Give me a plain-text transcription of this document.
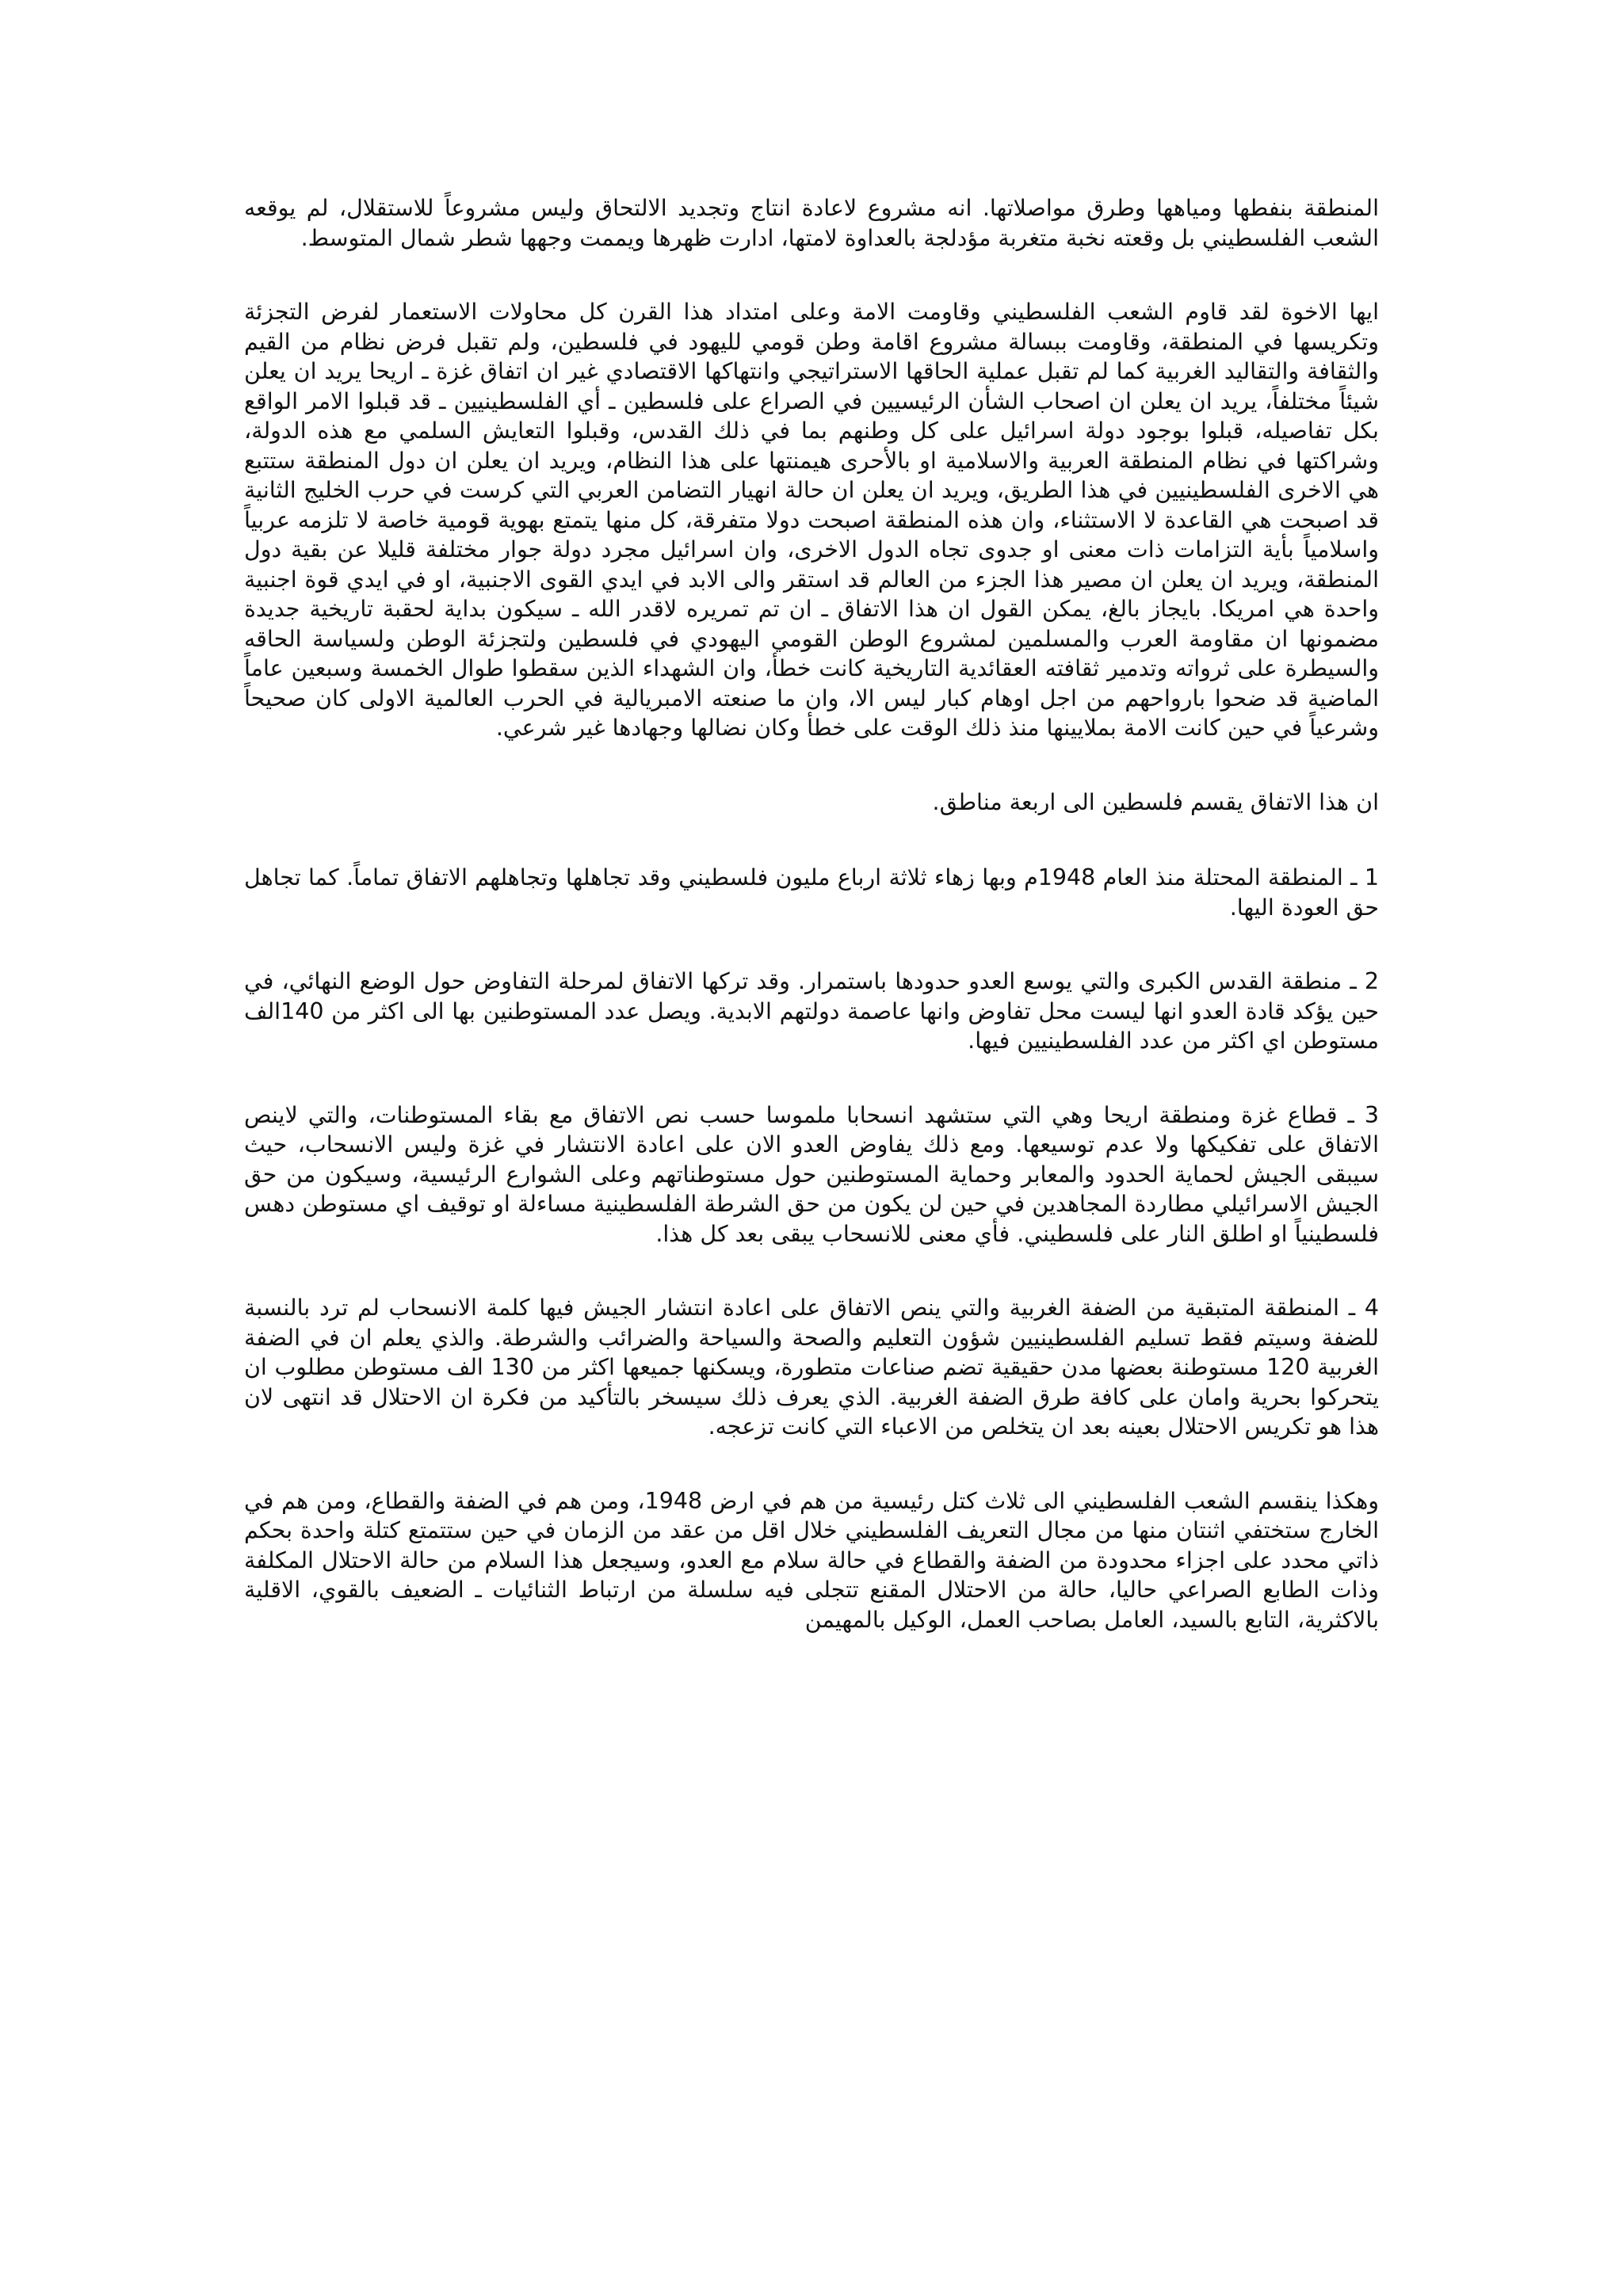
المنطقة بنفطها ومياهها وطرق مواصلاتها. انه مشروع لاعادة انتاج وتجديد الالتحاق وليس مشروعاً للاستقلال، لم يوقعه الشعب الفلسطيني بل وقعته نخبة متغربة مؤدلجة بالعداوة لامتها، ادارت ظهرها ويممت وجهها شطر شمال المتوسط.

ايها الاخوة لقد قاوم الشعب الفلسطيني وقاومت الامة وعلى امتداد هذا القرن كل محاولات الاستعمار لفرض التجزئة وتكريسها في المنطقة، وقاومت ببسالة مشروع اقامة وطن قومي لليهود في فلسطين، ولم تقبل فرض نظام من القيم والثقافة والتقاليد الغربية كما لم تقبل عملية الحاقها الاستراتيجي وانتهاكها الاقتصادي غير ان اتفاق غزة ـ اريحا يريد ان يعلن شيئاً مختلفاً، يريد ان يعلن ان اصحاب الشأن الرئيسيين في الصراع على فلسطين ـ أي الفلسطينيين ـ قد قبلوا الامر الواقع بكل تفاصيله، قبلوا بوجود دولة اسرائيل على كل وطنهم بما في ذلك القدس، وقبلوا التعايش السلمي مع هذه الدولة، وشراكتها في نظام المنطقة العربية والاسلامية او بالأحرى هيمنتها على هذا النظام، ويريد ان يعلن ان دول المنطقة ستتبع هي الاخرى الفلسطينيين في هذا الطريق، ويريد ان يعلن ان حالة انهيار التضامن العربي التي كرست في حرب الخليج الثانية قد اصبحت هي القاعدة لا الاستثناء، وان هذه المنطقة اصبحت دولا متفرقة، كل منها يتمتع بهوية قومية خاصة لا تلزمه عربياً واسلامياً بأية التزامات ذات معنى او جدوى تجاه الدول الاخرى، وان اسرائيل مجرد دولة جوار مختلفة قليلا عن بقية دول المنطقة، ويريد ان يعلن ان مصير هذا الجزء من العالم قد استقر والى الابد في ايدي القوى الاجنبية، او في ايدي قوة اجنبية واحدة هي امريكا. بايجاز بالغ، يمكن القول ان هذا الاتفاق ـ ان تم تمريره لاقدر الله ـ سيكون بداية لحقبة تاريخية جديدة مضمونها ان مقاومة العرب والمسلمين لمشروع الوطن القومي اليهودي في فلسطين ولتجزئة الوطن ولسياسة الحاقه والسيطرة على ثرواته وتدمير ثقافته العقائدية التاريخية كانت خطأ، وان الشهداء الذين سقطوا طوال الخمسة وسبعين عاماً الماضية قد ضحوا بارواحهم من اجل اوهام كبار ليس الا، وان ما صنعته الامبريالية في الحرب العالمية الاولى كان صحيحاً وشرعياً في حين كانت الامة بملايينها منذ ذلك الوقت على خطأ وكان نضالها وجهادها غير شرعي.

ان هذا الاتفاق يقسم فلسطين الى اربعة مناطق.

1 ـ المنطقة المحتلة منذ العام 1948م وبها زهاء ثلاثة ارباع مليون فلسطيني وقد تجاهلها وتجاهلهم الاتفاق تماماً. كما تجاهل حق العودة اليها.

2 ـ منطقة القدس الكبرى والتي يوسع العدو حدودها باستمرار. وقد تركها الاتفاق لمرحلة التفاوض حول الوضع النهائي، في حين يؤكد قادة العدو انها ليست محل تفاوض وانها عاصمة دولتهم الابدية. ويصل عدد المستوطنين بها الى اكثر من 140الف مستوطن اي اكثر من عدد الفلسطينيين فيها.

3 ـ قطاع غزة ومنطقة اريحا وهي التي ستشهد انسحابا ملموسا حسب نص الاتفاق مع بقاء المستوطنات، والتي لاينص الاتفاق على تفكيكها ولا عدم توسيعها. ومع ذلك يفاوض العدو الان على اعادة الانتشار في غزة وليس الانسحاب، حيث سيبقى الجيش لحماية الحدود والمعابر وحماية المستوطنين حول مستوطناتهم وعلى الشوارع الرئيسية، وسيكون من حق الجيش الاسرائيلي مطاردة المجاهدين في حين لن يكون من حق الشرطة الفلسطينية مساءلة او توقيف اي مستوطن دهس فلسطينياً او اطلق النار على فلسطيني. فأي معنى للانسحاب يبقى بعد كل هذا.

4 ـ المنطقة المتبقية من الضفة الغربية والتي ينص الاتفاق على اعادة انتشار الجيش فيها كلمة الانسحاب لم ترد بالنسبة للضفة وسيتم فقط تسليم الفلسطينيين شؤون التعليم والصحة والسياحة والضرائب والشرطة. والذي يعلم ان في الضفة الغربية 120 مستوطنة بعضها مدن حقيقية تضم صناعات متطورة، ويسكنها جميعها اكثر من 130 الف مستوطن مطلوب ان يتحركوا بحرية وامان على كافة طرق الضفة الغربية. الذي يعرف ذلك سيسخر بالتأكيد من فكرة ان الاحتلال قد انتهى لان هذا هو تكريس الاحتلال بعينه بعد ان يتخلص من الاعباء التي كانت تزعجه.

وهكذا ينقسم الشعب الفلسطيني الى ثلاث كتل رئيسية من هم في ارض 1948، ومن هم في الضفة والقطاع، ومن هم في الخارج ستختفي اثنتان منها من مجال التعريف الفلسطيني خلال اقل من عقد من الزمان في حين ستتمتع كتلة واحدة بحكم ذاتي محدد على اجزاء محدودة من الضفة والقطاع في حالة سلام مع العدو، وسيجعل هذا السلام من حالة الاحتلال المكلفة وذات الطابع الصراعي حاليا، حالة من الاحتلال المقنع تتجلى فيه سلسلة من ارتباط الثنائيات ـ الضعيف بالقوي، الاقلية بالاكثرية، التابع بالسيد، العامل بصاحب العمل، الوكيل بالمهيمن
